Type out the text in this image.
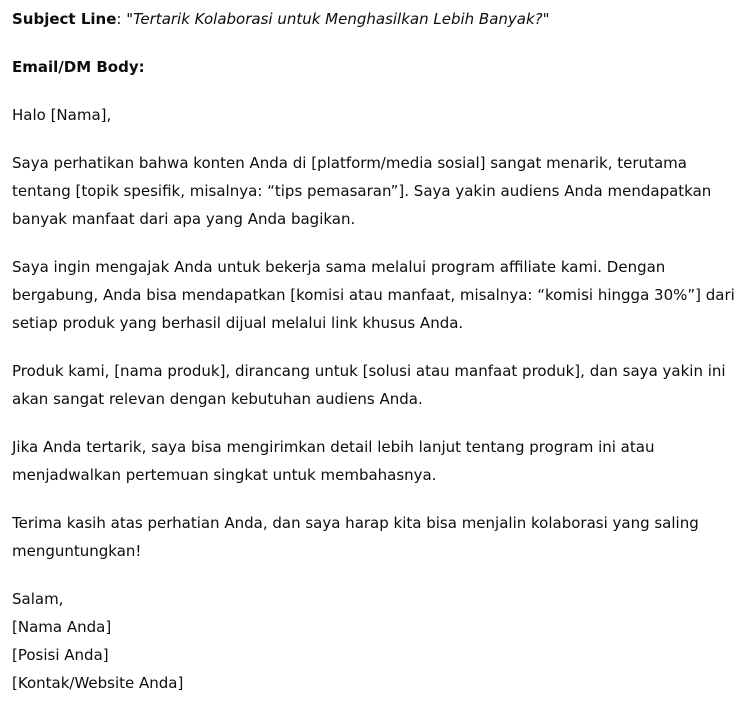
Subject Line: "Tertarik Kolaborasi untuk Menghasilkan Lebih Banyak?"

Email/DM Body:

Halo [Nama],

Saya perhatikan bahwa konten Anda di [platform/media sosial] sangat menarik, terutama tentang [topik spesifik, misalnya: “tips pemasaran”]. Saya yakin audiens Anda mendapatkan banyak manfaat dari apa yang Anda bagikan.

Saya ingin mengajak Anda untuk bekerja sama melalui program affiliate kami. Dengan bergabung, Anda bisa mendapatkan [komisi atau manfaat, misalnya: “komisi hingga 30%”] dari setiap produk yang berhasil dijual melalui link khusus Anda.

Produk kami, [nama produk], dirancang untuk [solusi atau manfaat produk], dan saya yakin ini akan sangat relevan dengan kebutuhan audiens Anda.

Jika Anda tertarik, saya bisa mengirimkan detail lebih lanjut tentang program ini atau menjadwalkan pertemuan singkat untuk membahasnya.

Terima kasih atas perhatian Anda, dan saya harap kita bisa menjalin kolaborasi yang saling menguntungkan!

Salam,
[Nama Anda]
[Posisi Anda]
[Kontak/Website Anda]
